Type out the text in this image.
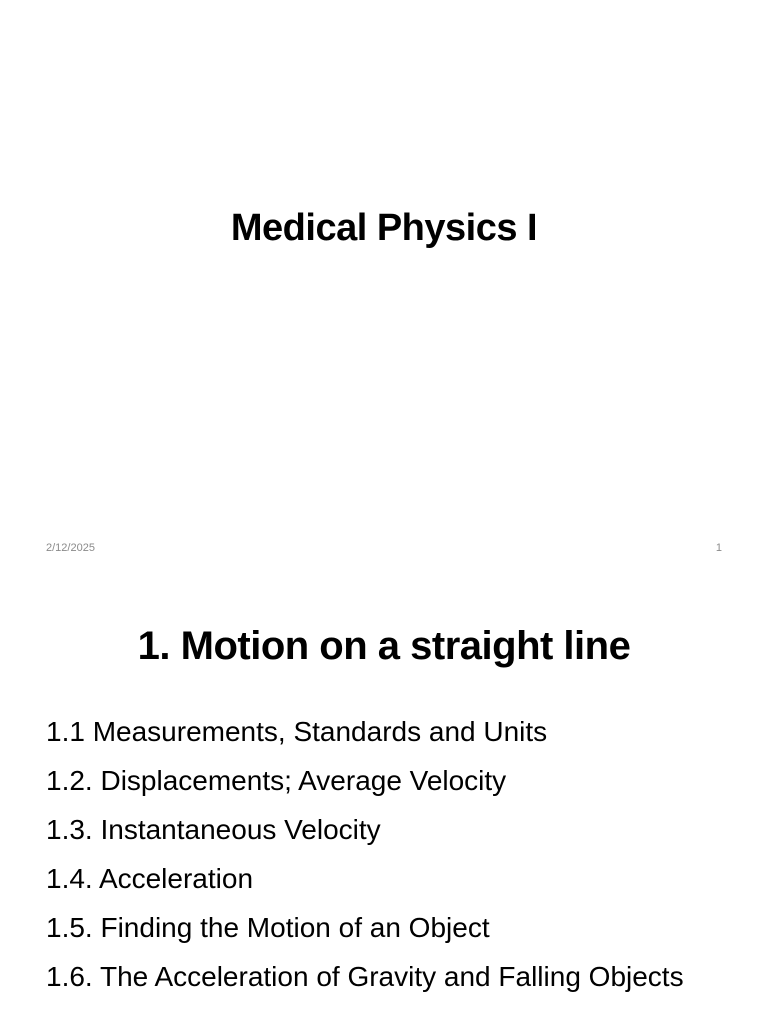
Medical Physics I
2/12/2025	1
1. Motion on a straight line
1.1 Measurements, Standards and Units
1.2. Displacements; Average Velocity
1.3. Instantaneous Velocity
1.4. Acceleration
1.5. Finding the Motion of an Object
1.6. The Acceleration of Gravity and Falling Objects
